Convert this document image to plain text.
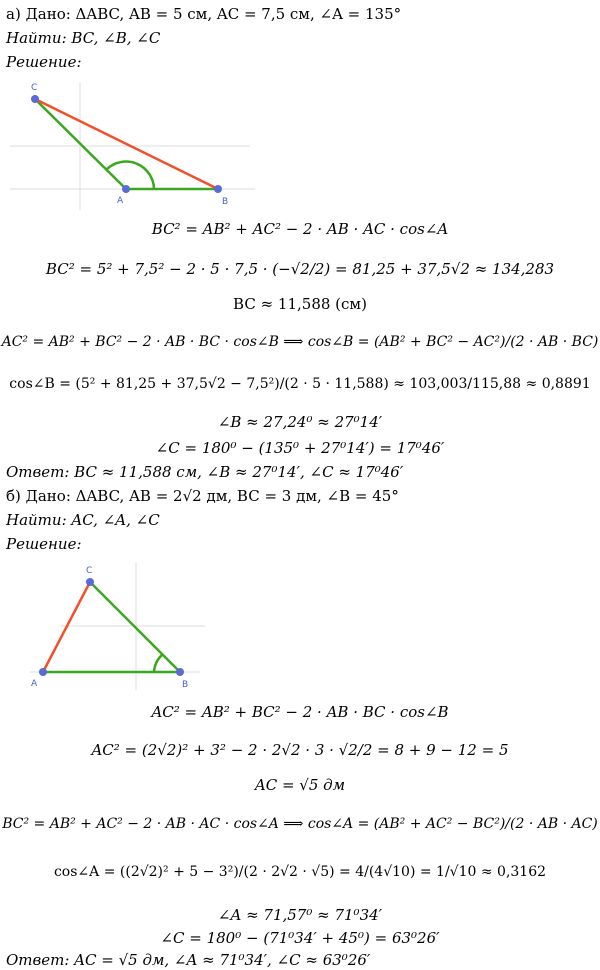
а) Дано: ΔABC, AB = 5 см, AC = 7,5 см, ∠A = 135°
Найти: BC, ∠B, ∠C
Решение:
C
A	B
BC² = AB² + AC² − 2 · AB · AC · cos∠A
BC² = 5² + 7,5² − 2 · 5 · 7,5 · (−√2/2) = 81,25 + 37,5√2 ≈ 134,283
BC ≈ 11,588 (см)
AC² = AB² + BC² − 2 · AB · BC · cos∠B ⟹ cos∠B = (AB² + BC² − AC²)/(2 · AB · BC)
cos∠B = (5² + 81,25 + 37,5√2 − 7,5²)/(2 · 5 · 11,588) ≈ 103,003/115,88 ≈ 0,8891
∠B ≈ 27,24⁰ ≈ 27⁰14′
∠C = 180⁰ − (135⁰ + 27⁰14′) = 17⁰46′
Ответ: BC ≈ 11,588 см, ∠B ≈ 27⁰14′, ∠C ≈ 17⁰46′
б) Дано: ΔABC, AB = 2√2 дм, BC = 3 дм, ∠B = 45°
Найти: AC, ∠A, ∠C
Решение:
C
A	B
AC² = AB² + BC² − 2 · AB · BC · cos∠B
AC² = (2√2)² + 3² − 2 · 2√2 · 3 · √2/2 = 8 + 9 − 12 = 5
AC = √5 дм
BC² = AB² + AC² − 2 · AB · AC · cos∠A ⟹ cos∠A = (AB² + AC² − BC²)/(2 · AB · AC)
cos∠A = ((2√2)² + 5 − 3²)/(2 · 2√2 · √5) = 4/(4√10) = 1/√10 ≈ 0,3162
∠A ≈ 71,57⁰ ≈ 71⁰34′
∠C = 180⁰ − (71⁰34′ + 45⁰) = 63⁰26′
Ответ: AC = √5 дм, ∠A ≈ 71⁰34′, ∠C ≈ 63⁰26′
